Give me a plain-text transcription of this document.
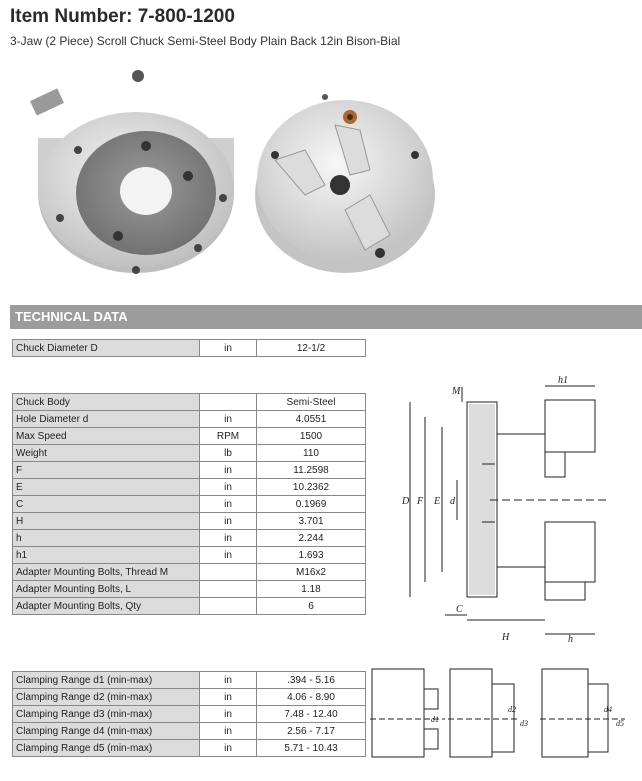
Item Number: 7-800-1200
3-Jaw (2 Piece) Scroll Chuck Semi-Steel Body Plain Back 12in Bison-Bial
TECHNICAL DATA
Chuck Diameter D	in	12-1/2
Chuck Body		Semi-Steel
Hole Diameter d	in	4.0551
Max Speed	RPM	1500
Weight	lb	110
F	in	11.2598
E	in	10.2362
C	in	0.1969
H	in	3.701
h	in	2.244
h1	in	1.693
Adapter Mounting Bolts, Thread M		M16x2
Adapter Mounting Bolts, L		1.18
Adapter Mounting Bolts, Qty		6
Clamping Range d1 (min-max)	in	.394 - 5.16
Clamping Range d2 (min-max)	in	4.06 - 8.90
Clamping Range d3 (min-max)	in	7.48 - 12.40
Clamping Range d4 (min-max)	in	2.56 - 7.17
Clamping Range d5 (min-max)	in	5.71 - 10.43
M
h1
D F E d
C
H	h
d1
d2
d3
d4
d5
